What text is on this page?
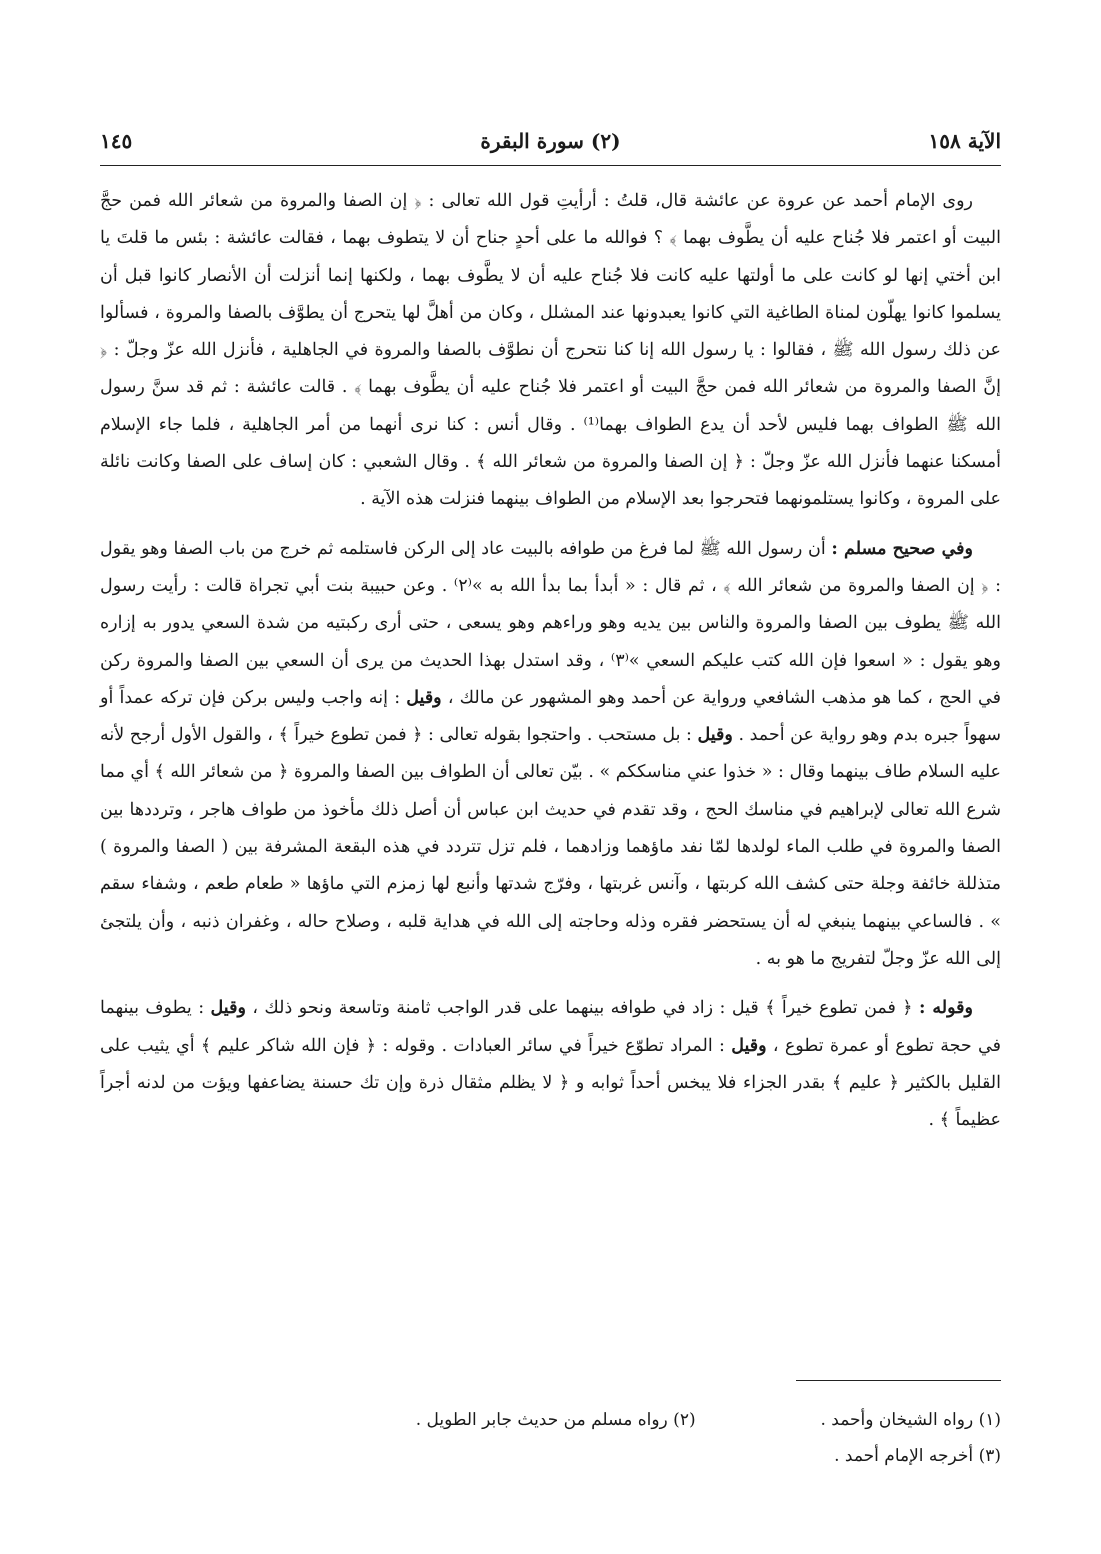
الآية ١٥٨
(٢) سورة البقرة
١٤٥

روى الإمام أحمد عن عروة عن عائشة قال، قلتُ : أرأيتِ قول الله تعالى : ﴿ إن الصفا والمروة من شعائر الله فمن حجَّ البيت أو اعتمر فلا جُناح عليه أن يطَّوف بهما ﴾ ؟ فوالله ما على أحدٍ جناح أن لا يتطوف بهما ، فقالت عائشة : بئس ما قلتَ يا ابن أختي إنها لو كانت على ما أولتها عليه كانت فلا جُناح عليه أن لا يطَّوف بهما ، ولكنها إنما أنزلت أن الأنصار كانوا قبل أن يسلموا كانوا يهلّون لمناة الطاغية التي كانوا يعبدونها عند المشلل ، وكان من أهلَّ لها يتحرج أن يطوَّف بالصفا والمروة ، فسألوا عن ذلك رسول الله ﷺ ، فقالوا : يا رسول الله إنا كنا نتحرج أن نطوَّف بالصفا والمروة في الجاهلية ، فأنزل الله عزّ وجلّ : ﴿ إنَّ الصفا والمروة من شعائر الله فمن حجَّ البيت أو اعتمر فلا جُناح عليه أن يطَّوف بهما ﴾ . قالت عائشة : ثم قد سنَّ رسول الله ﷺ الطواف بهما فليس لأحد أن يدع الطواف بهما⁽¹⁾ . وقال أنس : كنا نرى أنهما من أمر الجاهلية ، فلما جاء الإسلام أمسكنا عنهما فأنزل الله عزّ وجلّ : ﴿ إن الصفا والمروة من شعائر الله ﴾ . وقال الشعبي : كان إساف على الصفا وكانت نائلة على المروة ، وكانوا يستلمونهما فتحرجوا بعد الإسلام من الطواف بينهما فنزلت هذه الآية .

وفي صحيح مسلم : أن رسول الله ﷺ لما فرغ من طوافه بالبيت عاد إلى الركن فاستلمه ثم خرج من باب الصفا وهو يقول : ﴿ إن الصفا والمروة من شعائر الله ﴾ ، ثم قال : « أبدأ بما بدأ الله به »⁽٢⁾ . وعن حبيبة بنت أبي تجراة قالت : رأيت رسول الله ﷺ يطوف بين الصفا والمروة والناس بين يديه وهو وراءهم وهو يسعى ، حتى أرى ركبتيه من شدة السعي يدور به إزاره وهو يقول : « اسعوا فإن الله كتب عليكم السعي »⁽٣⁾ ، وقد استدل بهذا الحديث من يرى أن السعي بين الصفا والمروة ركن في الحج ، كما هو مذهب الشافعي ورواية عن أحمد وهو المشهور عن مالك ، وقيل : إنه واجب وليس بركن فإن تركه عمداً أو سهواً جبره بدم وهو رواية عن أحمد . وقيل : بل مستحب . واحتجوا بقوله تعالى : ﴿ فمن تطوع خيراً ﴾ ، والقول الأول أرجح لأنه عليه السلام طاف بينهما وقال : « خذوا عني مناسككم » . بيّن تعالى أن الطواف بين الصفا والمروة ﴿ من شعائر الله ﴾ أي مما شرع الله تعالى لإبراهيم في مناسك الحج ، وقد تقدم في حديث ابن عباس أن أصل ذلك مأخوذ من طواف هاجر ، وترددها بين الصفا والمروة في طلب الماء لولدها لمّا نفد ماؤهما وزادهما ، فلم تزل تتردد في هذه البقعة المشرفة بين ( الصفا والمروة ) متذللة خائفة وجلة حتى كشف الله كربتها ، وآنس غربتها ، وفرّج شدتها وأنبع لها زمزم التي ماؤها « طعام طعم ، وشفاء سقم » . فالساعي بينهما ينبغي له أن يستحضر فقره وذله وحاجته إلى الله في هداية قلبه ، وصلاح حاله ، وغفران ذنبه ، وأن يلتجئ إلى الله عزّ وجلّ لتفريج ما هو به .

وقوله : ﴿ فمن تطوع خيراً ﴾ قيل : زاد في طوافه بينهما على قدر الواجب ثامنة وتاسعة ونحو ذلك ، وقيل : يطوف بينهما في حجة تطوع أو عمرة تطوع ، وقيل : المراد تطوّع خيراً في سائر العبادات . وقوله : ﴿ فإن الله شاكر عليم ﴾ أي يثيب على القليل بالكثير ﴿ عليم ﴾ بقدر الجزاء فلا يبخس أحداً ثوابه و ﴿ لا يظلم مثقال ذرة وإن تك حسنة يضاعفها ويؤت من لدنه أجراً عظيماً ﴾ .

(١) رواه الشيخان وأحمد . (٢) رواه مسلم من حديث جابر الطويل .
(٣) أخرجه الإمام أحمد .
